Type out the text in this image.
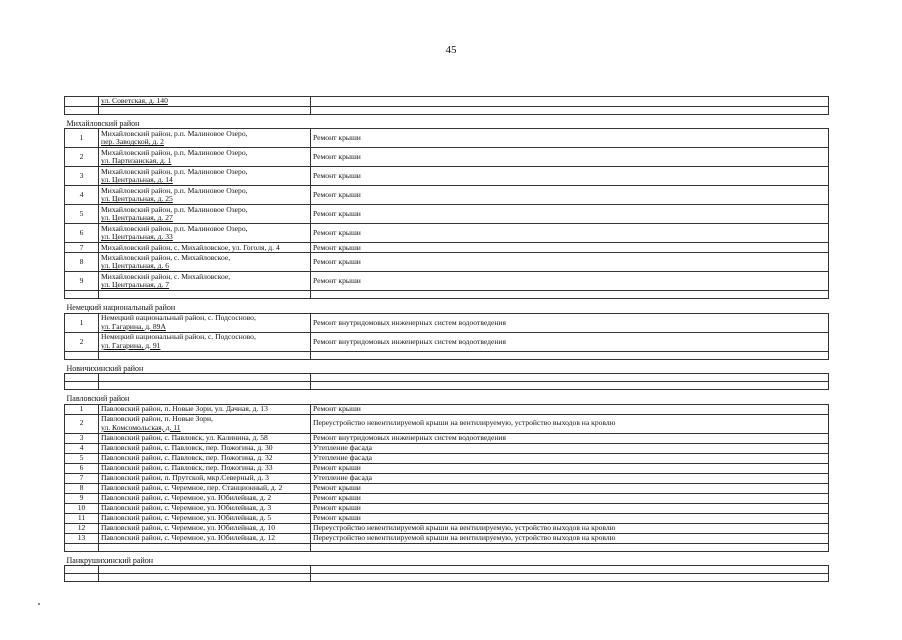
45

	ул. Советская, д. 140	

Михайловский район		
1	Михайловский район, р.п. Малиновое Озеро,
пер. Заводской, д. 2	Ремонт крыши
2	Михайловский район, р.п. Малиновое Озеро,
ул. Партизанская, д. 1	Ремонт крыши
3	Михайловский район, р.п. Малиновое Озеро,
ул. Центральная, д. 14	Ремонт крыши
4	Михайловский район, р.п. Малиновое Озеро,
ул. Центральная, д. 25	Ремонт крыши
5	Михайловский район, р.п. Малиновое Озеро,
ул. Центральная, д. 27	Ремонт крыши
6	Михайловский район, р.п. Малиновое Озеро,
ул. Центральная, д. 33	Ремонт крыши
7	Михайловский район, с. Михайловское, ул. Гоголя, д. 4	Ремонт крыши
8	Михайловский район, с. Михайловское,
ул. Центральная, д. 6	Ремонт крыши
9	Михайловский район, с. Михайловское,
ул. Центральная, д. 7	Ремонт крыши

Немецкий национальный район		
1	Немецкий национальный район, с. Подсосново,
ул. Гагарина, д. 89А	Ремонт внутридомовых инженерных систем водоотведения
2	Немецкий национальный район, с. Подсосново,
ул. Гагарина, д. 91	Ремонт внутридомовых инженерных систем водоотведения

Новичихинский район		

Павловский район		
1	Павловский район, п. Новые Зори, ул. Дачная, д. 13	Ремонт крыши
2	Павловский район, п. Новые Зори,
ул. Комсомольская, д. 11	Переустройство невентилируемой крыши на вентилируемую, устройство выходов на кровлю
3	Павловский район, с. Павловск, ул. Калинина, д. 58	Ремонт внутридомовых инженерных систем водоотведения
4	Павловский район, с. Павловск, пер. Пожогина, д. 30	Утепление фасада
5	Павловский район, с. Павловск, пер. Пожогина, д. 32	Утепление фасада
6	Павловский район, с. Павловск, пер. Пожогина, д. 33	Ремонт крыши
7	Павловский район, п. Прутской, мкр.Северный, д. 3	Утепление фасада
8	Павловский район, с. Черемное, пер. Станционный, д. 2	Ремонт крыши
9	Павловский район, с. Черемное, ул. Юбилейная, д. 2	Ремонт крыши
10	Павловский район, с. Черемное, ул. Юбилейная, д. 3	Ремонт крыши
11	Павловский район, с. Черемное, ул. Юбилейная, д. 5	Ремонт крыши
12	Павловский район, с. Черемное, ул. Юбилейная, д. 10	Переустройство невентилируемой крыши на вентилируемую, устройство выходов на кровлю
13	Павловский район, с. Черемное, ул. Юбилейная, д. 12	Переустройство невентилируемой крыши на вентилируемую, устройство выходов на кровлю

Панкрушихинский район		
